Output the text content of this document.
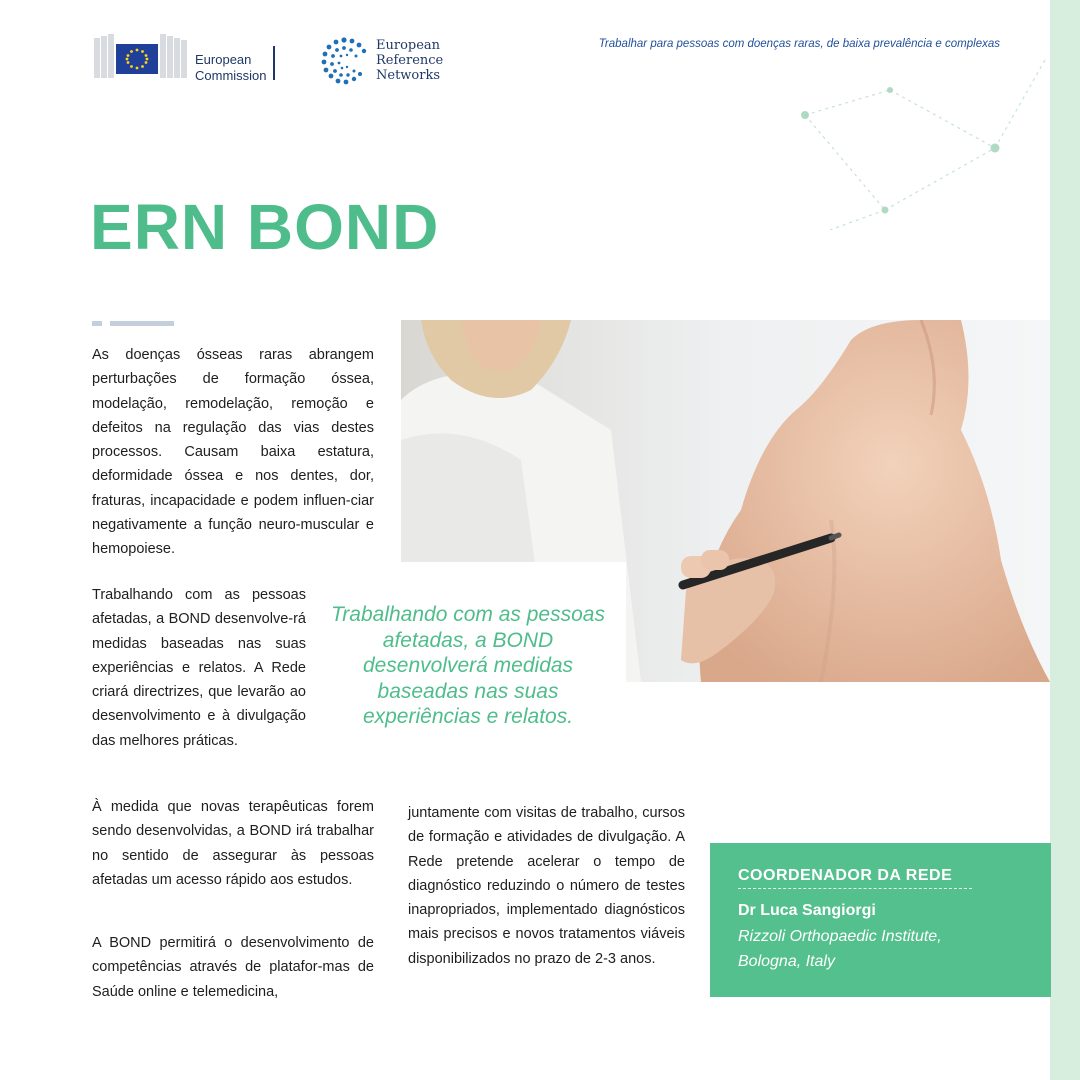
European
Commission
European
Reference
Networks
Trabalhar para pessoas com doenças raras, de baixa prevalência e complexas
ERN BOND

As doenças ósseas raras abrangem perturbações de formação óssea, modelação, remodelação, remoção e defeitos na regulação das vias destes processos. Causam baixa estatura, deformidade óssea e nos dentes, dor, fraturas, incapacidade e podem influen-ciar negativamente a função neuro-muscular e hemopoiese.

Trabalhando com as pessoas afetadas, a BOND desenvolve-rá medidas baseadas nas suas experiências e relatos. A Rede criará directrizes, que levarão ao desenvolvimento e à divulgação das melhores práticas.

À medida que novas terapêuticas forem sendo desenvolvidas, a BOND irá trabalhar no sentido de assegurar às pessoas afetadas um acesso rápido aos estudos.

A BOND permitirá o desenvolvimento de competências através de platafor-mas de Saúde online e telemedicina,

juntamente com visitas de trabalho, cursos de formação e atividades de divulgação. A Rede pretende acelerar o tempo de diagnóstico reduzindo o número de testes inapropriados, implementado diagnósticos mais precisos e novos tratamentos viáveis disponibilizados no prazo de 2-3 anos.

Trabalhando com as pessoas afetadas, a BOND desenvolverá medidas baseadas nas suas experiências e relatos.
COORDENADOR DA REDE
Dr Luca Sangiorgi
Rizzoli Orthopaedic Institute, Bologna, Italy
